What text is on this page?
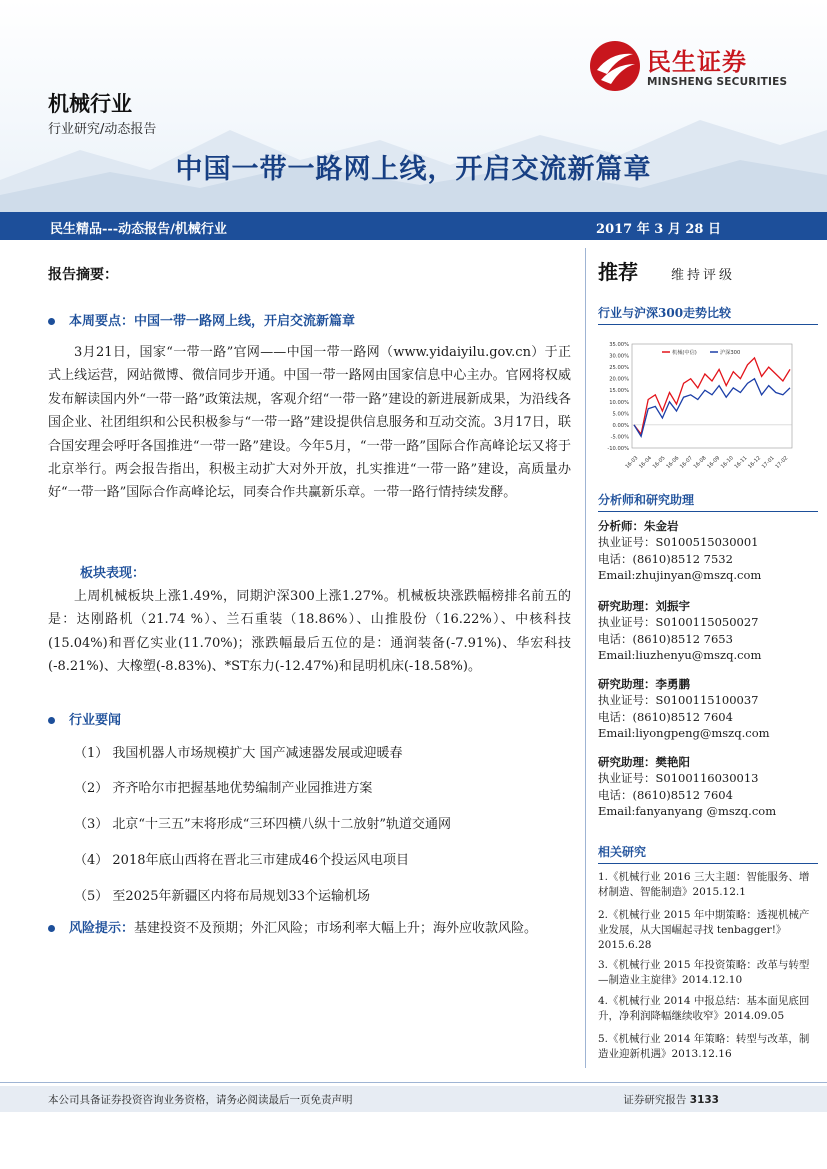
机械行业
行业研究/动态报告
中国一带一路网上线，开启交流新篇章
民生证券
MINSHENG SECURITIES
民生精品---动态报告/机械行业	2017 年 3 月 28 日
报告摘要：
本周要点：中国一带一路网上线，开启交流新篇章

3月21日，国家“一带一路”官网——中国一带一路网（www.yidaiyilu.gov.cn）于正式上线运营，网站微博、微信同步开通。中国一带一路网由国家信息中心主办。官网将权威发布解读国内外“一带一路”政策法规，客观介绍“一带一路”建设的新进展新成果，为沿线各国企业、社团组织和公民积极参与“一带一路”建设提供信息服务和互动交流。3月17日，联合国安理会呼吁各国推进“一带一路”建设。今年5月，“一带一路”国际合作高峰论坛又将于北京举行。两会报告指出，积极主动扩大对外开放，扎实推进“一带一路”建设，高质量办好“一带一路”国际合作高峰论坛，同奏合作共赢新乐章。一带一路行情持续发酵。

板块表现：

上周机械板块上涨1.49%，同期沪深300上涨1.27%。机械板块涨跌幅榜排名前五的是：达刚路机（21.74 %）、兰石重装（18.86%）、山推股份（16.22%）、中核科技(15.04%)和晋亿实业(11.70%)；涨跌幅最后五位的是：通润装备(-7.91%)、华宏科技(-8.21%)、大橡塑(-8.83%)、*ST东力(-12.47%)和昆明机床(-18.58%)。

行业要闻
（1） 我国机器人市场规模扩大 国产减速器发展或迎暖春
（2） 齐齐哈尔市把握基地优势编制产业园推进方案
（3） 北京“十三五”末将形成“三环四横八纵十二放射”轨道交通网
（4） 2018年底山西将在晋北三市建成46个投运风电项目
（5） 至2025年新疆区内将布局规划33个运输机场
风险提示：基建投资不及预期；外汇风险；市场利率大幅上升；海外应收款风险。
推荐	维持评级
行业与沪深300走势比较
35.00%
30.00%
25.00%
20.00%
15.00%
10.00%
5.00%
0.00%
-5.00%
-10.00%
16-03
16-04
16-05
16-06
16-07
16-08
16-09
16-10
16-11
16-12
17-01
17-02
机械(中信)	沪深300
分析师和研究助理
分析师：朱金岩
执业证号：S0100515030001
电话：(8610)8512 7532
Email:zhujinyan@mszq.com
研究助理：刘振宇
执业证号：S0100115050027
电话：(8610)8512 7653
Email:liuzhenyu@mszq.com
研究助理：李勇鹏
执业证号：S0100115100037
电话：(8610)8512 7604
Email:liyongpeng@mszq.com
研究助理：樊艳阳
执业证号：S0100116030013
电话：(8610)8512 7604
Email:fanyanyang @mszq.com
相关研究
1.《机械行业 2016 三大主题：智能服务、增材制造、智能制造》2015.12.1
2.《机械行业 2015 年中期策略：透视机械产业发展，从大国崛起寻找 tenbagger!》2015.6.28
3.《机械行业 2015 年投资策略：改革与转型—制造业主旋律》2014.12.10
4.《机械行业 2014 中报总结：基本面见底回升，净利润降幅继续收窄》2014.09.05
5.《机械行业 2014 年策略：转型与改革，制造业迎新机遇》2013.12.16
本公司具备证券投资咨询业务资格，请务必阅读最后一页免责声明	证券研究报告 3133
